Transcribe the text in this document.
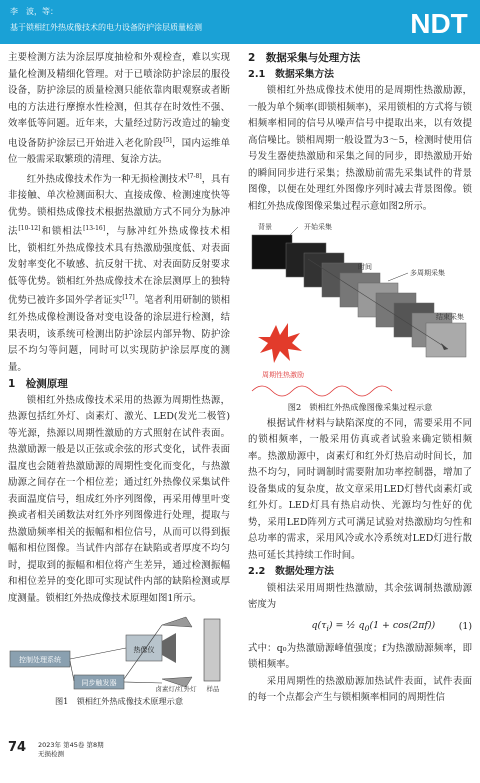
李　波，等：
基于锁相红外热成像技术的电力设备防护涂层质量检测	NDT

主要检测方法为涂层厚度抽检和外观检查，难以实现量化检测及精细化管理。对于已喷涂防护涂层的服役设备，防护涂层的质量检测只能依靠肉眼观察或者断电的方法进行摩擦水性检测，但其存在时效性不强、效率低等问题。近年来，大量经过防污改造过的输变电设备防护涂层已开始进入老化阶段[5]，国内运维单位一般需采取繁琐的清理、复涂方法。

红外热成像技术作为一种无损检测技术[7-8]，具有非接触、单次检测面积大、直接成像、检测速度快等优势。锁相热成像技术根据热激励方式不同分为脉冲法[10-12]和锁相法[13-16]，与脉冲红外热成像技术相比，锁相红外热成像技术具有热激励强度低、对表面发射率变化不敏感、抗反射干扰、对表面防反射要求低等优势。锁相红外热成像技术在涂层测厚上的独特优势已被许多国外学者证实[17]。笔者利用研制的锁相红外热成像检测设备对变电设备的涂层进行检测，结果表明，该系统可检测出防护涂层内部异物、防护涂层不均匀等问题，同时可以实现防护涂层厚度的测量。

1　检测原理

锁相红外热成像技术采用的热源为周期性热源，热源包括红外灯、卤素灯、激光、LED(发光二极管)等光源，热源以周期性激励的方式照射在试件表面。热激励源一般是以正弦或余弦的形式变化，试件表面温度也会随着热激励源的周期性变化而变化，与热激励源之间存在一个相位差；通过红外热像仪采集试件表面温度信号，组成红外序列图像，再采用傅里叶变换或者相关函数法对红外序列图像进行处理，提取与热激励频率相关的振幅和相位信号，从而可以得到振幅和相位图像。当试件内部存在缺陷或者厚度不均匀时，提取到的振幅和相位将产生差异，通过检测振幅和相位差异的变化即可实现试件内部的缺陷检测或厚度测量。锁相红外热成像技术原理如图1所示。

控制处理系统
同步触发器
热像仪
卤素灯/红外灯 样品

图1　锁相红外热成像技术原理示意

2　数据采集与处理方法

2.1　数据采集方法

锁相红外热成像技术使用的是周期性热激励源，一般为单个频率(即锁相频率)，采用锁相的方式将与锁相频率相同的信号从噪声信号中提取出来，以有效提高信噪比。锁相周期一般设置为3～5，检测时使用信号发生器使热激励和采集之间的同步，即热激励开始的瞬间同步进行采集；热激励前需先采集试件的背景图像，以便在处理红外图像序列时减去背景图像。锁相红外热成像图像采集过程示意如图2所示。

背景	开始采集
多周期采集
时间
结束采集
周期性热激励

图2　锁相红外热成像图像采集过程示意

根据试件材料与缺陷深度的不同，需要采用不同的锁相频率，一般采用仿真或者试验来确定锁相频率。热激励源中，卤素灯和红外灯热启动时间长，加热不均匀，同时调制时需要附加功率控制器，增加了设备集成的复杂度，故文章采用LED灯替代卤素灯或红外灯。LED灯具有热启动快、光源均匀性好的优势，采用LED阵列方式可满足试验对热激励均匀性和总功率的需求，采用风冷或水冷系统对LED灯进行散热可延长其持续工作时间。

2.2　数据处理方法

锁相法采用周期性热激励，其余弦调制热激励源密度为

$q(\tau_i)$ = ½ $q_0(1 + \cos(2\pi f))$	(1)

式中：q₀为热激励源峰值强度；f为热激励源频率，即锁相频率。

采用周期性的热激励源加热试件表面，试件表面的每一个点都会产生与锁相频率相同的周期性信

74 2023年 第45卷 第8期
无损检测
